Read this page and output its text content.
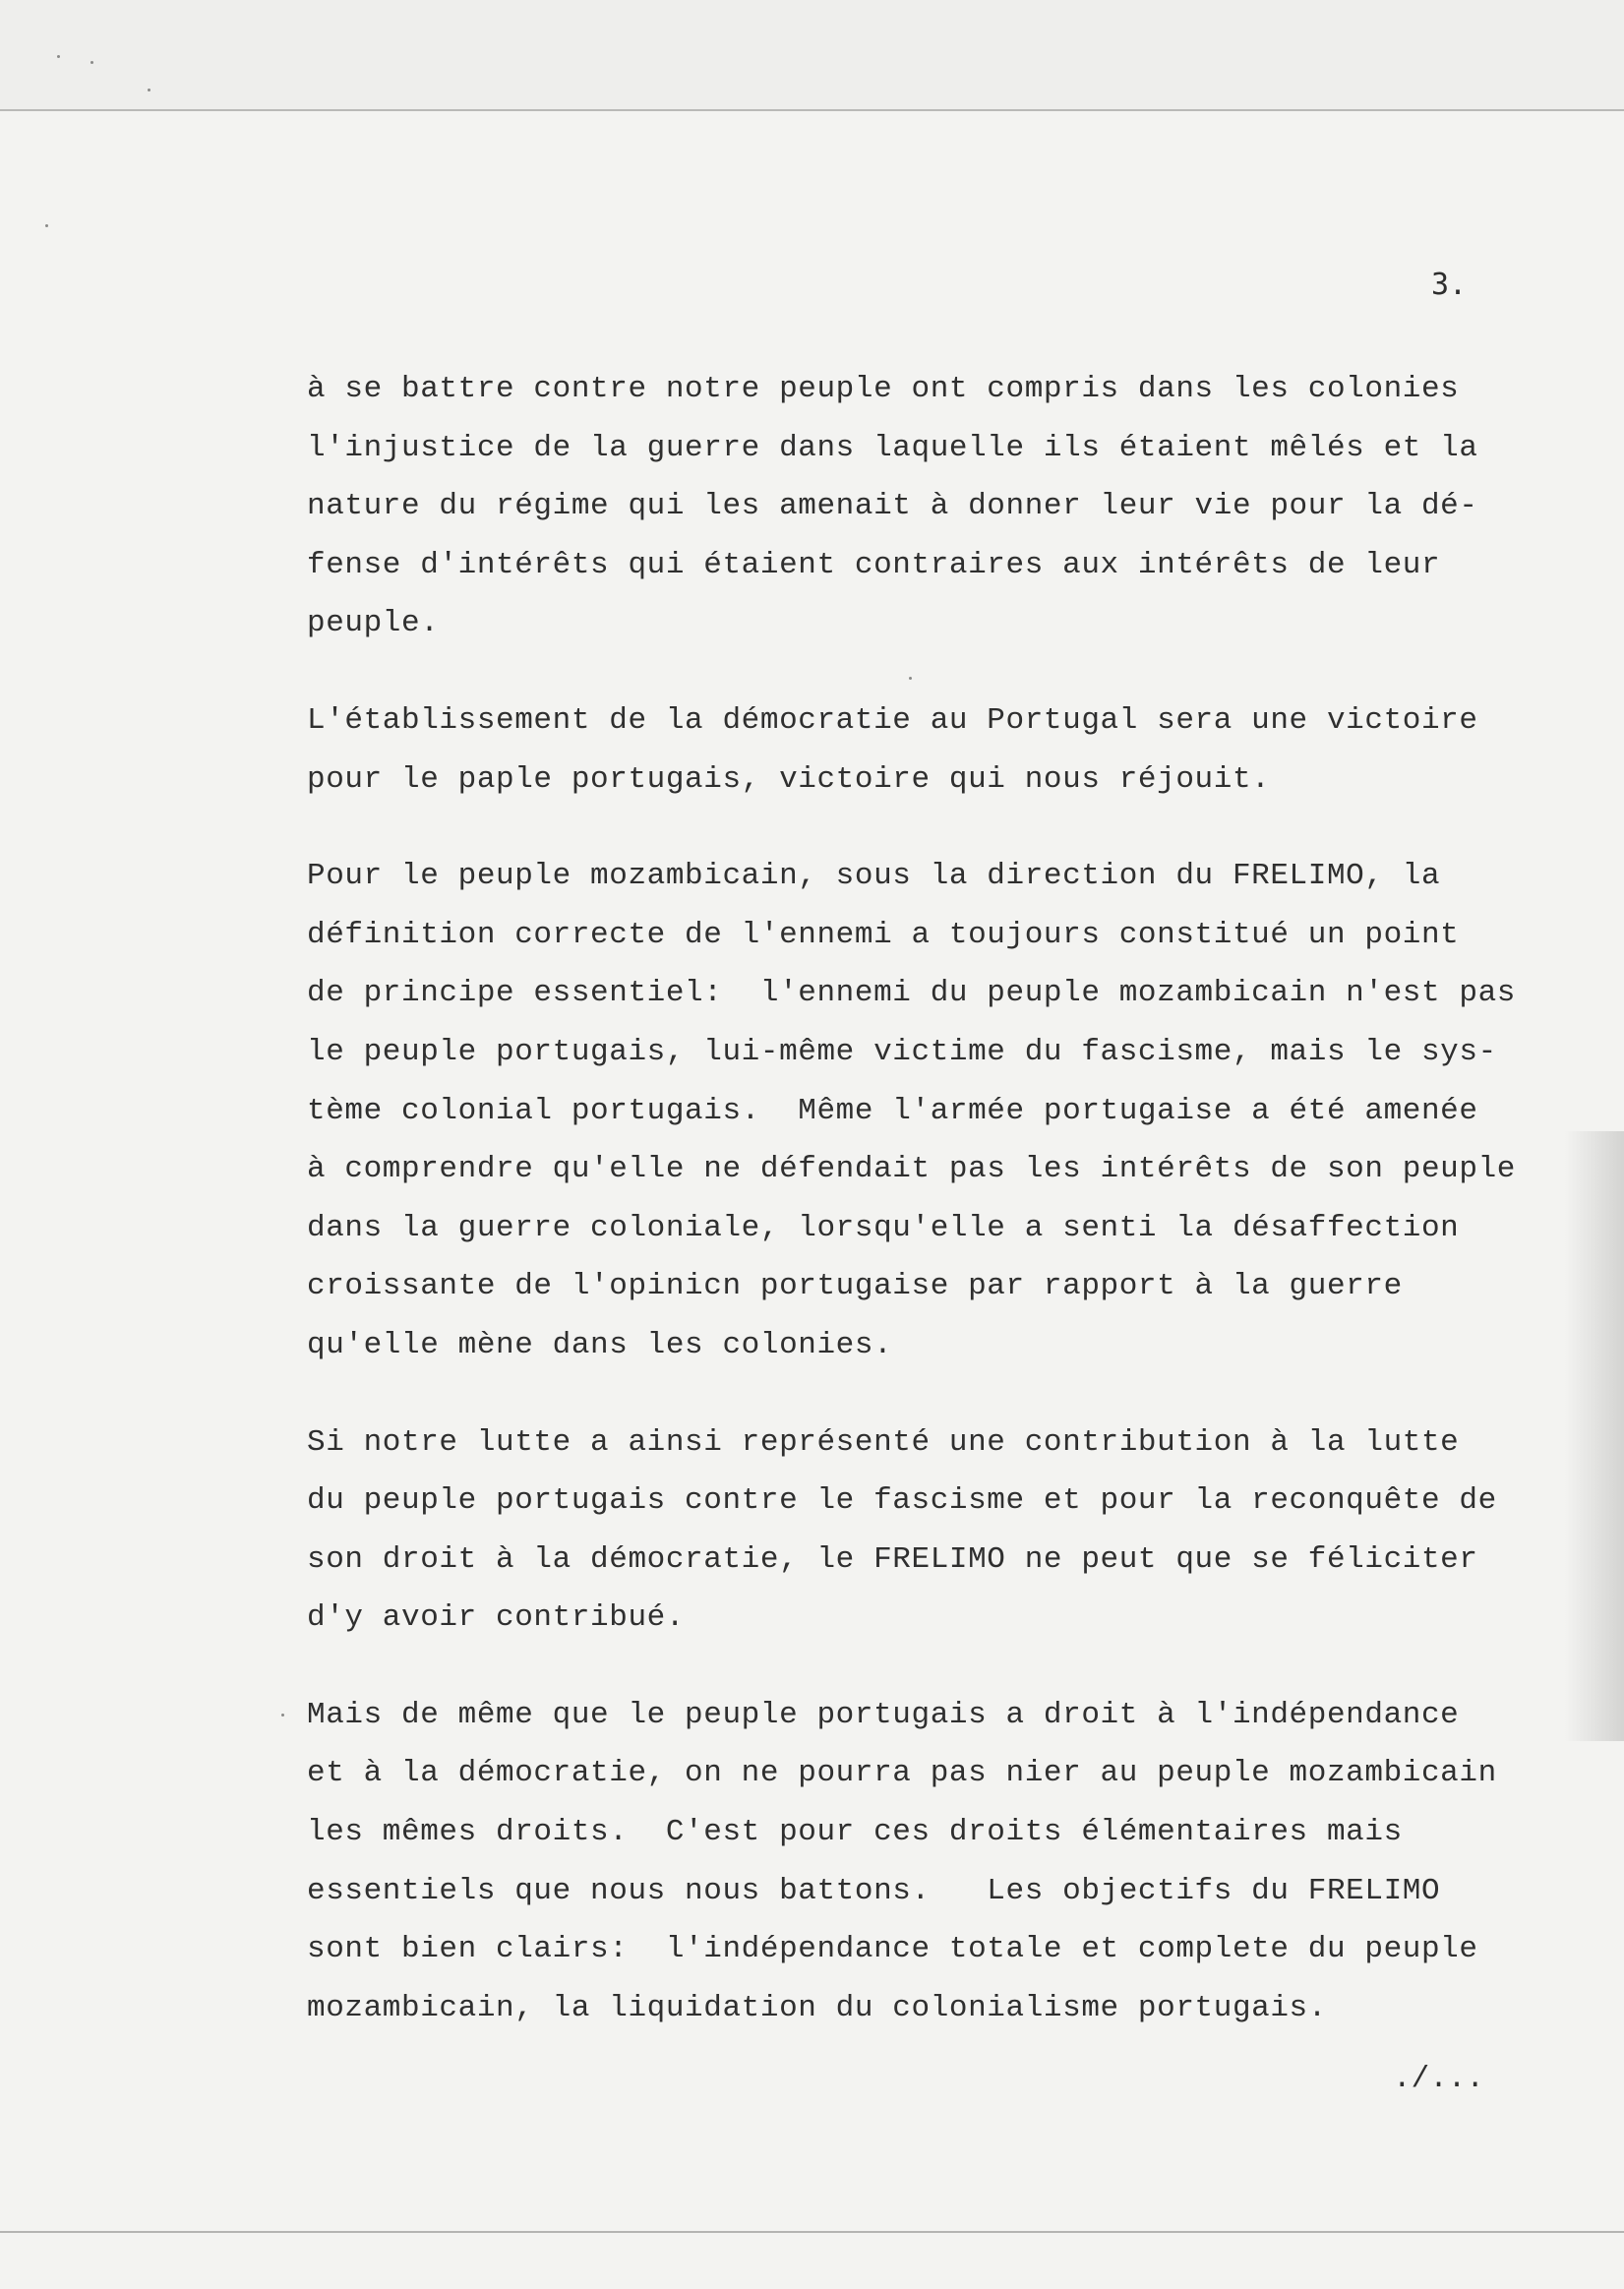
3.

à se battre contre notre peuple ont compris dans les colonies
l'injustice de la guerre dans laquelle ils étaient mêlés et la
nature du régime qui les amenait à donner leur vie pour la dé-
fense d'intérêts qui étaient contraires aux intérêts de leur
peuple.

L'établissement de la démocratie au Portugal sera une victoire
pour le paple portugais, victoire qui nous réjouit.

Pour le peuple mozambicain, sous la direction du FRELIMO, la
définition correcte de l'ennemi a toujours constitué un point
de principe essentiel:  l'ennemi du peuple mozambicain n'est pas
le peuple portugais, lui-même victime du fascisme, mais le sys-
tème colonial portugais.  Même l'armée portugaise a été amenée
à comprendre qu'elle ne défendait pas les intérêts de son peuple
dans la guerre coloniale, lorsqu'elle a senti la désaffection
croissante de l'opinicn portugaise par rapport à la guerre
qu'elle mène dans les colonies.

Si notre lutte a ainsi représenté une contribution à la lutte
du peuple portugais contre le fascisme et pour la reconquête de
son droit à la démocratie, le FRELIMO ne peut que se féliciter
d'y avoir contribué.

Mais de même que le peuple portugais a droit à l'indépendance
et à la démocratie, on ne pourra pas nier au peuple mozambicain
les mêmes droits.  C'est pour ces droits élémentaires mais
essentiels que nous nous battons.   Les objectifs du FRELIMO
sont bien clairs:  l'indépendance totale et complete du peuple
mozambicain, la liquidation du colonialisme portugais.

./...
